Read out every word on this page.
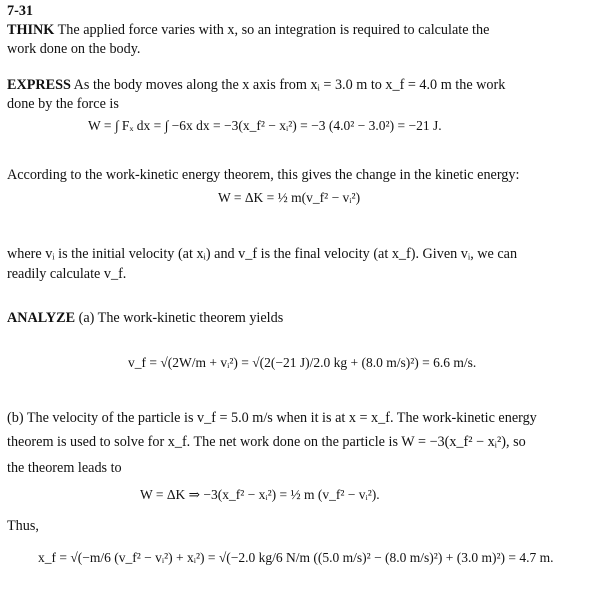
7-31
THINK The applied force varies with x, so an integration is required to calculate the
work done on the body.
EXPRESS As the body moves along the x axis from xᵢ = 3.0 m to x_f = 4.0 m the work
done by the force is
W = ∫ Fₓ dx = ∫ −6x dx = −3(x_f² − xᵢ²) = −3 (4.0² − 3.0²) = −21 J.
According to the work-kinetic energy theorem, this gives the change in the kinetic energy:
W = ΔK = ½ m(v_f² − vᵢ²)
where vᵢ is the initial velocity (at xᵢ) and v_f is the final velocity (at x_f). Given vᵢ, we can
readily calculate v_f.
ANALYZE (a) The work-kinetic theorem yields
v_f = √(2W/m + vᵢ²) = √(2(−21 J)/2.0 kg + (8.0 m/s)²) = 6.6 m/s.
(b) The velocity of the particle is v_f = 5.0 m/s when it is at x = x_f. The work-kinetic energy
theorem is used to solve for x_f. The net work done on the particle is W = −3(x_f² − xᵢ²), so
the theorem leads to
W = ΔK ⇒ −3(x_f² − xᵢ²) = ½ m (v_f² − vᵢ²).
Thus,
x_f = √(−m/6 (v_f² − vᵢ²) + xᵢ²) = √(−2.0 kg/6 N/m ((5.0 m/s)² − (8.0 m/s)²) + (3.0 m)²) = 4.7 m.
